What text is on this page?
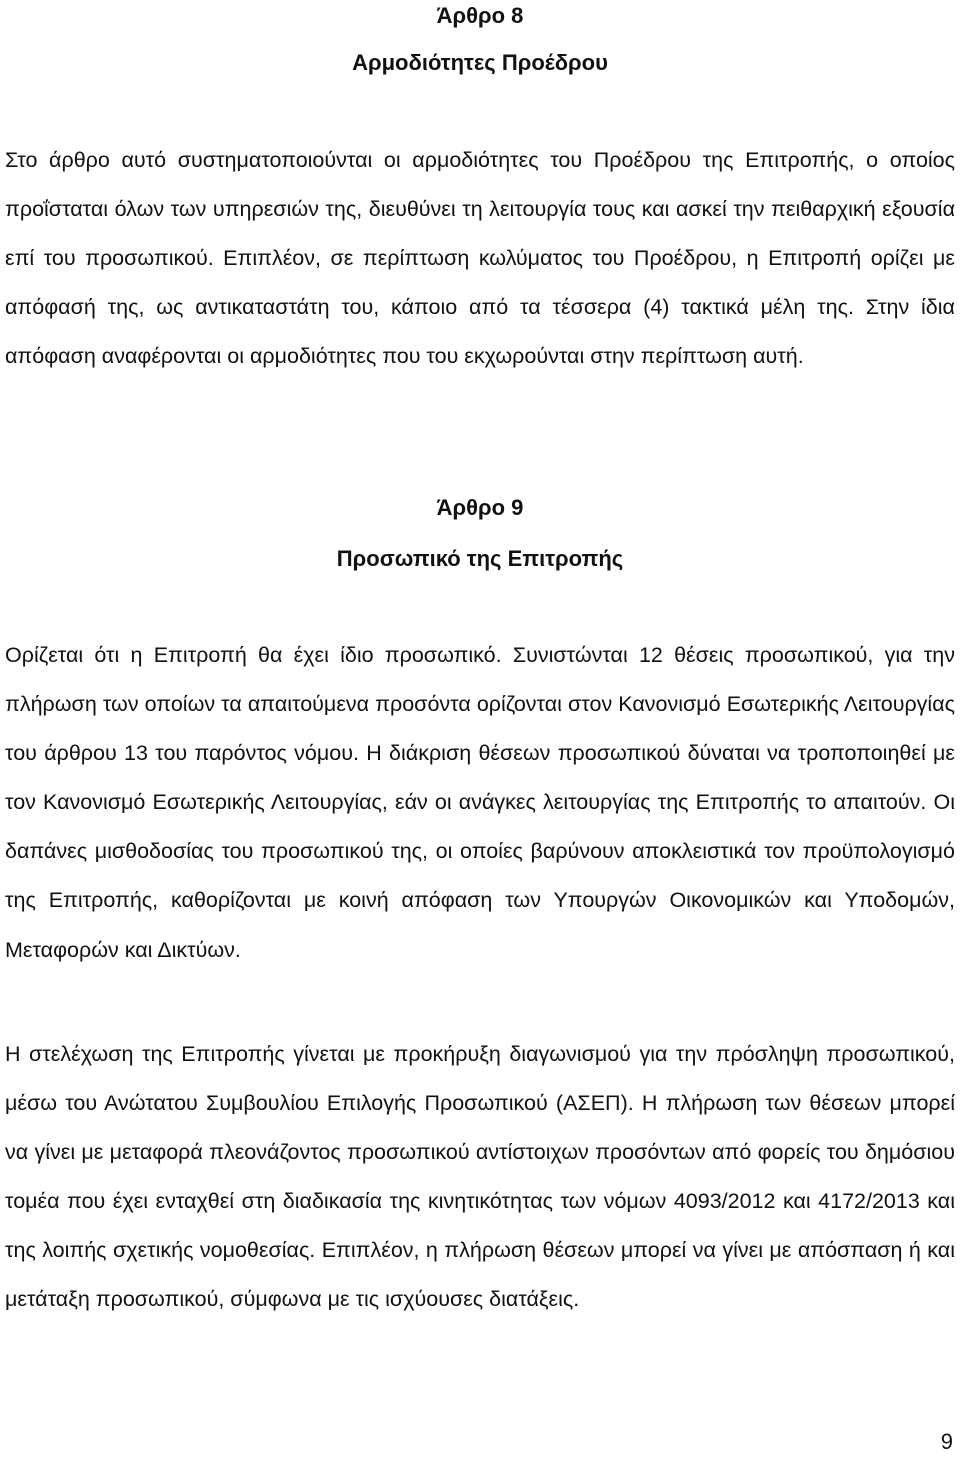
Άρθρο 8
Αρμοδιότητες Προέδρου
Στο άρθρο αυτό συστηματοποιούνται οι αρμοδιότητες του Προέδρου της Επιτροπής, ο οποίος προΐσταται όλων των υπηρεσιών της, διευθύνει τη λειτουργία τους και ασκεί την πειθαρχική εξουσία επί του προσωπικού. Επιπλέον, σε περίπτωση κωλύματος του Προέδρου, η Επιτροπή ορίζει με απόφασή της, ως αντικαταστάτη του, κάποιο από τα τέσσερα (4) τακτικά μέλη της. Στην ίδια απόφαση αναφέρονται οι αρμοδιότητες που του εκχωρούνται στην περίπτωση αυτή.
Άρθρο 9
Προσωπικό της Επιτροπής
Ορίζεται ότι η Επιτροπή θα έχει ίδιο προσωπικό. Συνιστώνται 12 θέσεις προσωπικού, για την πλήρωση των οποίων τα απαιτούμενα προσόντα ορίζονται στον Κανονισμό Εσωτερικής Λειτουργίας του άρθρου 13 του παρόντος νόμου. Η διάκριση θέσεων προσωπικού δύναται να τροποποιηθεί με τον Κανονισμό Εσωτερικής Λειτουργίας, εάν οι ανάγκες λειτουργίας της Επιτροπής το απαιτούν. Οι δαπάνες μισθοδοσίας του προσωπικού της, οι οποίες βαρύνουν αποκλειστικά τον προϋπολογισμό της Επιτροπής, καθορίζονται με κοινή απόφαση των Υπουργών Οικονομικών και Υποδομών, Μεταφορών και Δικτύων.
Η στελέχωση της Επιτροπής γίνεται με προκήρυξη διαγωνισμού για την πρόσληψη προσωπικού, μέσω του Ανώτατου Συμβουλίου Επιλογής Προσωπικού (ΑΣΕΠ). Η πλήρωση των θέσεων μπορεί να γίνει με μεταφορά πλεονάζοντος προσωπικού αντίστοιχων προσόντων από φορείς του δημόσιου τομέα που έχει ενταχθεί στη διαδικασία της κινητικότητας των νόμων 4093/2012 και 4172/2013 και της λοιπής σχετικής νομοθεσίας. Επιπλέον, η πλήρωση θέσεων μπορεί να γίνει με απόσπαση ή και μετάταξη προσωπικού, σύμφωνα με τις ισχύουσες διατάξεις.
9
